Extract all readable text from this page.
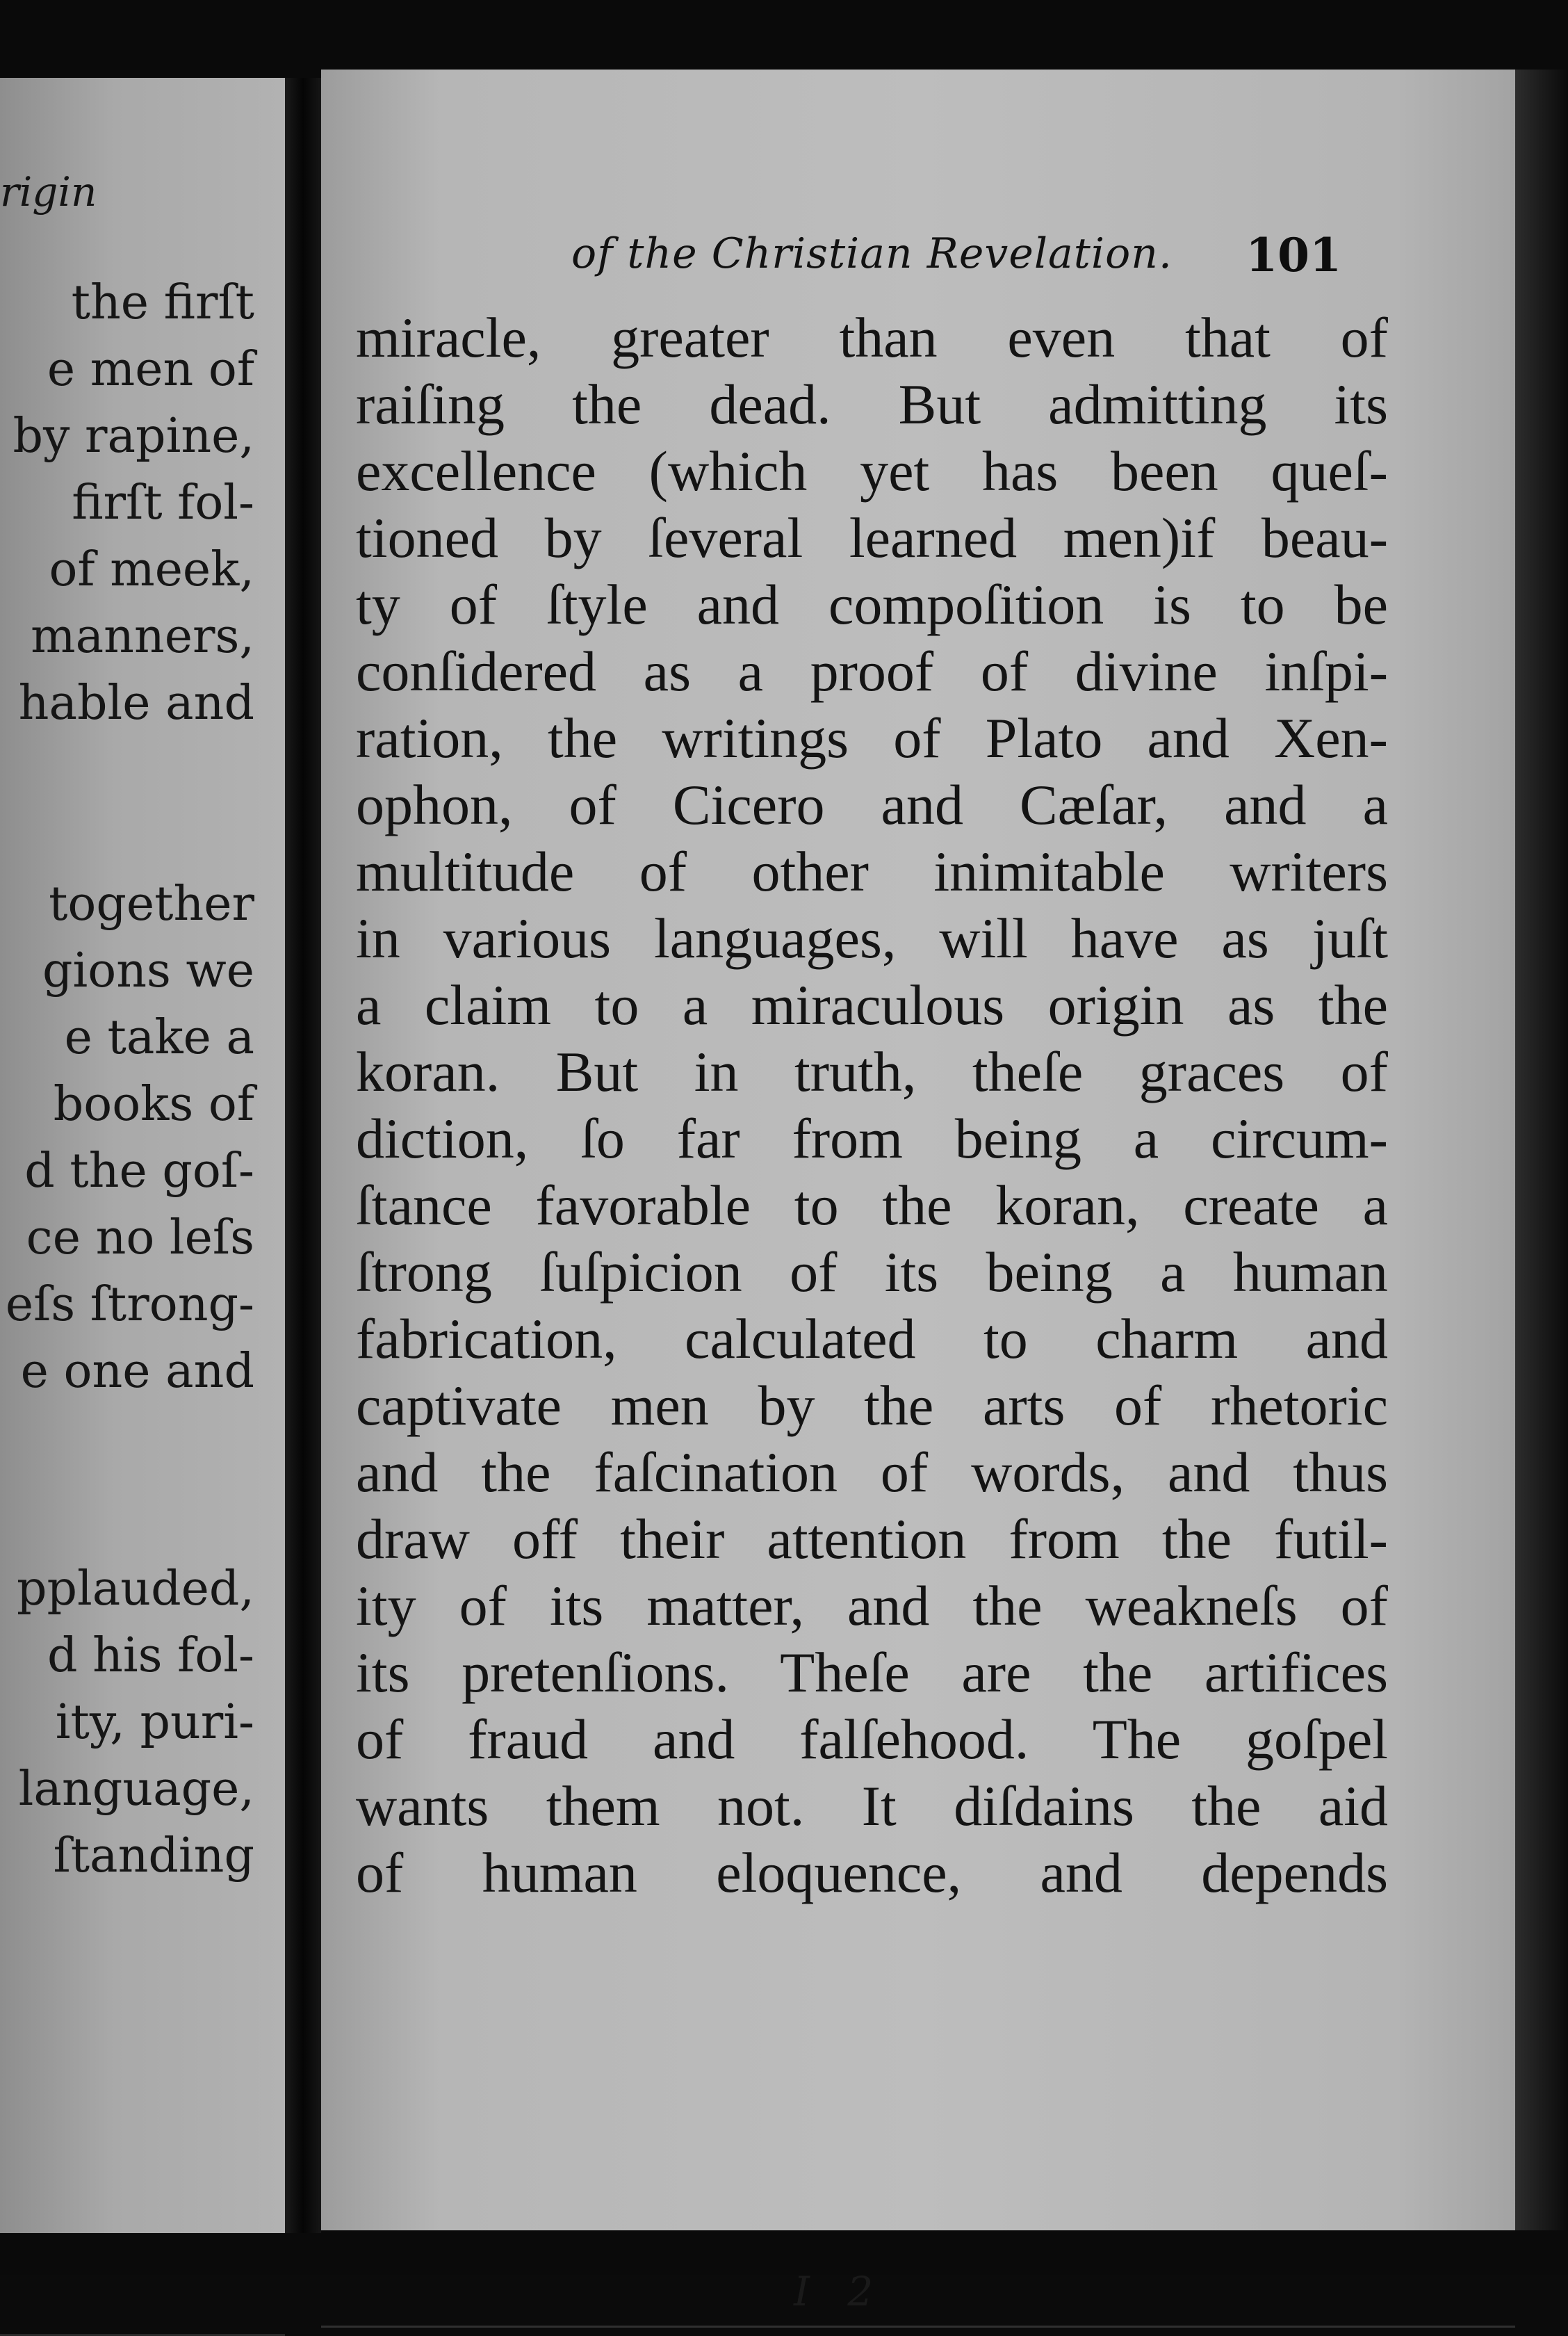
rigin
the firſt
e men of
by rapine,
firſt fol-
of meek,
manners,
hable and
together
gions we
e take a
books of
d the goſ-
ce no leſs
eſs ſtrong-
e one and
pplauded,
d his fol-
ity, puri-
language,
ſtanding
of the Christian Revelation. 101
miracle, greater than even that of
raiſing the dead. But admitting its
excellence (which yet has been queſ-
tioned by ſeveral learned men)if beau-
ty of ſtyle and compoſition is to be
conſidered as a proof of divine inſpi-
ration, the writings of Plato and Xen-
ophon, of Cicero and Cæſar, and a
multitude of other inimitable writers
in various languages, will have as juſt
a claim to a miraculous origin as the
koran. But in truth, theſe graces of
diction, ſo far from being a circum-
ſtance favorable to the koran, create a
ſtrong ſuſpicion of its being a human
fabrication, calculated to charm and
captivate men by the arts of rhetoric
and the faſcination of words, and thus
draw off their attention from the futil-
ity of its matter, and the weakneſs of
its pretenſions. Theſe are the artifices
of fraud and falſehood. The goſpel
wants them not. It diſdains the aid
of human eloquence, and depends
I 2
